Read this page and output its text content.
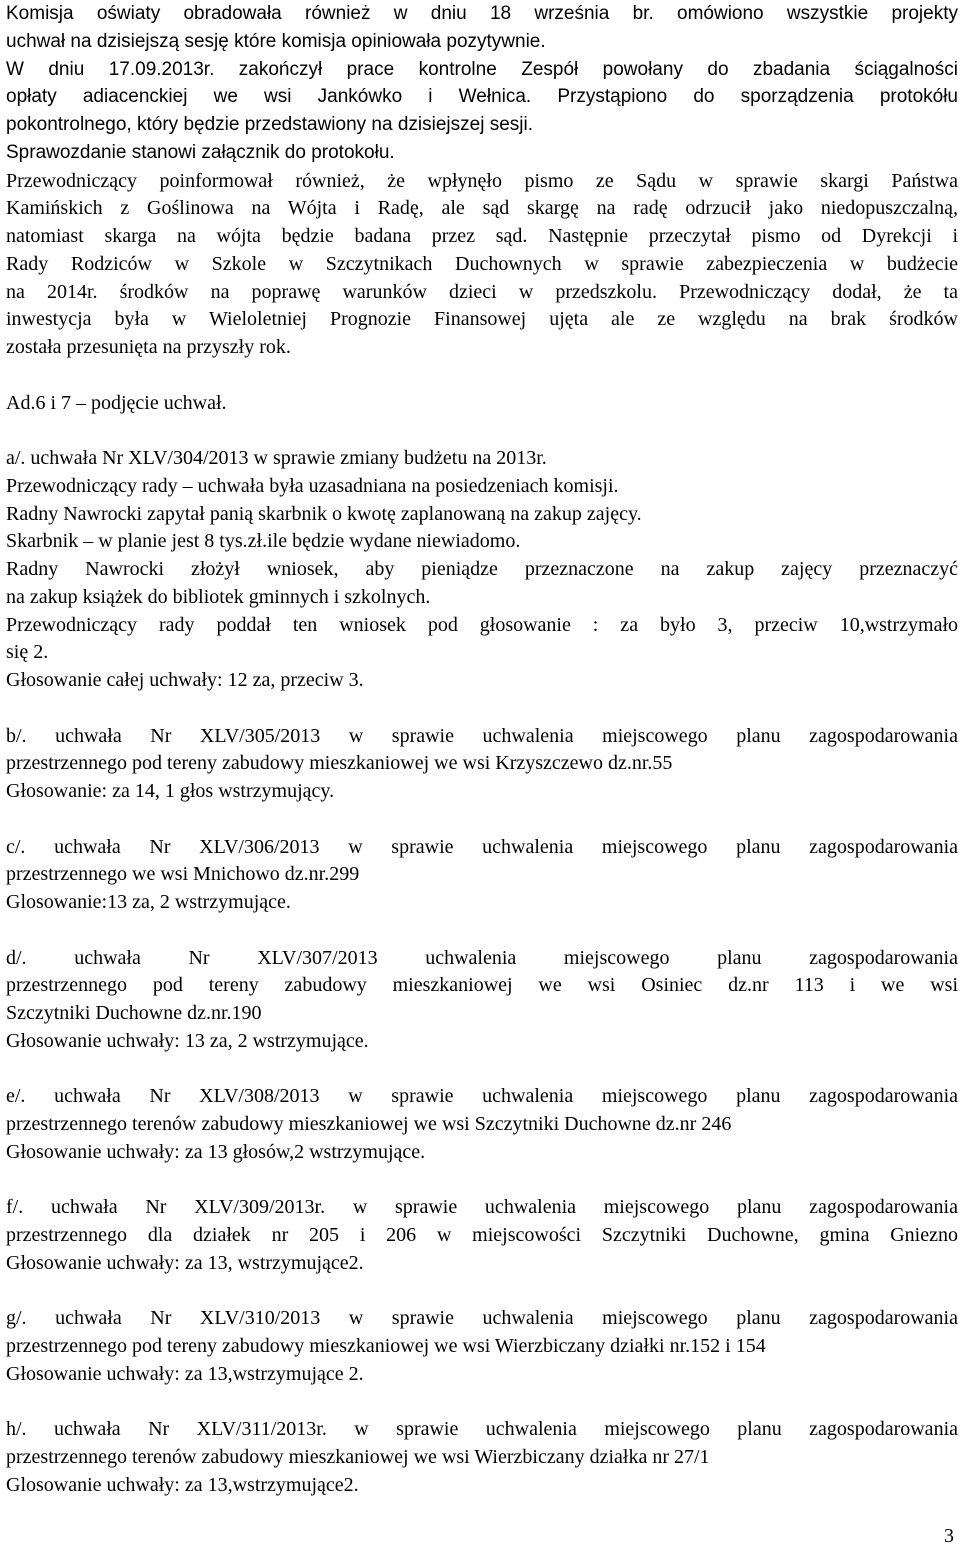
Komisja oświaty obradowała również w dniu 18 września br. omówiono wszystkie projekty
uchwał na dzisiejszą sesję które komisja opiniowała pozytywnie.
W dniu 17.09.2013r. zakończył prace kontrolne Zespół powołany do zbadania ściągalności
opłaty adiacenckiej we wsi Jankówko i Wełnica. Przystąpiono do sporządzenia protokółu
pokontrolnego, który będzie przedstawiony na dzisiejszej sesji.
Sprawozdanie stanowi załącznik do protokołu.
Przewodniczący poinformował również, że wpłynęło pismo ze Sądu w sprawie skargi Państwa
Kamińskich z Goślinowa na Wójta i Radę, ale sąd skargę na radę odrzucił jako niedopuszczalną,
natomiast skarga na wójta będzie badana przez sąd. Następnie przeczytał pismo od Dyrekcji i
Rady Rodziców w Szkole w Szczytnikach Duchownych w sprawie zabezpieczenia w budżecie
na 2014r. środków na poprawę warunków dzieci w przedszkolu. Przewodniczący dodał, że ta
inwestycja była w Wieloletniej Prognozie Finansowej ujęta ale ze względu na brak środków
została przesunięta na przyszły rok.
Ad.6 i 7 – podjęcie uchwał.
a/. uchwała Nr XLV/304/2013 w sprawie zmiany budżetu na 2013r.
Przewodniczący rady – uchwała była uzasadniana na posiedzeniach komisji.
Radny Nawrocki zapytał panią skarbnik o kwotę zaplanowaną na zakup zajęcy.
Skarbnik – w planie jest 8 tys.zł.ile będzie wydane niewiadomo.
Radny Nawrocki złożył wniosek, aby pieniądze przeznaczone na zakup zajęcy przeznaczyć
na zakup książek do bibliotek gminnych i szkolnych.
Przewodniczący rady poddał ten wniosek pod głosowanie : za było 3, przeciw 10,wstrzymało
się 2.
Głosowanie całej uchwały: 12 za, przeciw 3.
b/. uchwała Nr XLV/305/2013 w sprawie uchwalenia miejscowego planu zagospodarowania
przestrzennego pod tereny zabudowy mieszkaniowej we wsi Krzyszczewo dz.nr.55
Głosowanie: za 14, 1 głos wstrzymujący.
c/. uchwała Nr XLV/306/2013 w sprawie uchwalenia miejscowego planu zagospodarowania
przestrzennego we wsi Mnichowo dz.nr.299
Glosowanie:13 za, 2 wstrzymujące.
d/. uchwała Nr XLV/307/2013 uchwalenia miejscowego planu zagospodarowania
przestrzennego pod tereny zabudowy mieszkaniowej we wsi Osiniec dz.nr 113 i we wsi
Szczytniki Duchowne dz.nr.190
Głosowanie uchwały: 13 za, 2 wstrzymujące.
e/. uchwała Nr XLV/308/2013 w sprawie uchwalenia miejscowego planu zagospodarowania
przestrzennego terenów zabudowy mieszkaniowej we wsi Szczytniki Duchowne dz.nr 246
Głosowanie uchwały: za 13 głosów,2 wstrzymujące.
f/. uchwała Nr XLV/309/2013r. w sprawie uchwalenia miejscowego planu zagospodarowania
przestrzennego dla działek nr 205 i 206 w miejscowości Szczytniki Duchowne, gmina Gniezno
Głosowanie uchwały: za 13, wstrzymujące2.
g/. uchwała Nr XLV/310/2013 w sprawie uchwalenia miejscowego planu zagospodarowania
przestrzennego pod tereny zabudowy mieszkaniowej we wsi Wierzbiczany działki nr.152 i 154
Głosowanie uchwały: za 13,wstrzymujące 2.
h/. uchwała Nr XLV/311/2013r. w sprawie uchwalenia miejscowego planu zagospodarowania
przestrzennego terenów zabudowy mieszkaniowej we wsi Wierzbiczany działka nr 27/1
Glosowanie uchwały: za 13,wstrzymujące2.
3
